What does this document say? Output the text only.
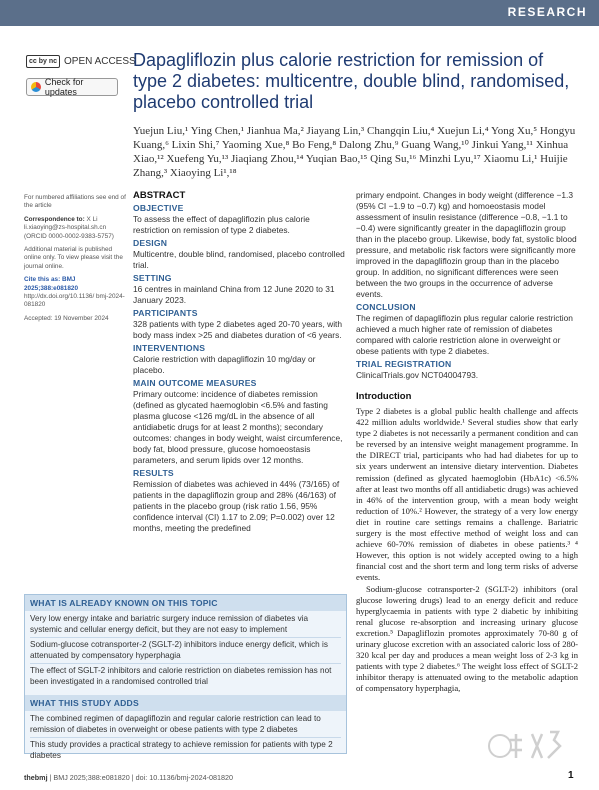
RESEARCH
cc by nc OPEN ACCESS
Check for updates
Dapagliflozin plus calorie restriction for remission of type 2 diabetes: multicentre, double blind, randomised, placebo controlled trial
Yuejun Liu,¹ Ying Chen,¹ Jianhua Ma,² Jiayang Lin,³ Changqin Liu,⁴ Xuejun Li,⁴ Yong Xu,⁵ Hongyu Kuang,⁶ Lixin Shi,⁷ Yaoming Xue,⁸ Bo Feng,⁸ Dalong Zhu,⁹ Guang Wang,¹⁰ Jinkui Yang,¹¹ Xinhua Xiao,¹² Xuefeng Yu,¹³ Jiaqiang Zhou,¹⁴ Yuqian Bao,¹⁵ Qing Su,¹⁶ Minzhi Lyu,¹⁷ Xiaomu Li,¹ Huijie Zhang,³ Xiaoying Li¹,¹⁸

For numbered affiliations see end of the article

Correspondence to: X Li li.xiaoying@zs-hospital.sh.cn (ORCID 0000-0002-9383-5757)

Additional material is published online only. To view please visit the journal online.

Cite this as: BMJ 2025;388:e081820
http://dx.doi.org/10.1136/ bmj-2024-081820

Accepted: 19 November 2024

ABSTRACT
OBJECTIVE

To assess the effect of dapagliflozin plus calorie restriction on remission of type 2 diabetes.

DESIGN

Multicentre, double blind, randomised, placebo controlled trial.

SETTING

16 centres in mainland China from 12 June 2020 to 31 January 2023.

PARTICIPANTS

328 patients with type 2 diabetes aged 20-70 years, with body mass index >25 and diabetes duration of <6 years.

INTERVENTIONS

Calorie restriction with dapagliflozin 10 mg/day or placebo.

MAIN OUTCOME MEASURES

Primary outcome: incidence of diabetes remission (defined as glycated haemoglobin <6.5% and fasting plasma glucose <126 mg/dL in the absence of all antidiabetic drugs for at least 2 months); secondary outcomes: changes in body weight, waist circumference, body fat, blood pressure, glucose homoeostasis parameters, and serum lipids over 12 months.

RESULTS

Remission of diabetes was achieved in 44% (73/165) of patients in the dapagliflozin group and 28% (46/163) of patients in the placebo group (risk ratio 1.56, 95% confidence interval (CI) 1.17 to 2.09; P=0.002) over 12 months, meeting the predefined

primary endpoint. Changes in body weight (difference −1.3 (95% CI −1.9 to −0.7) kg) and homoeostasis model assessment of insulin resistance (difference −0.8, −1.1 to −0.4) were significantly greater in the dapagliflozin group than in the placebo group. Likewise, body fat, systolic blood pressure, and metabolic risk factors were significantly more improved in the dapagliflozin group than in the placebo group. In addition, no significant differences were seen between the two groups in the occurrence of adverse events.

CONCLUSION

The regimen of dapagliflozin plus regular calorie restriction achieved a much higher rate of remission of diabetes compared with calorie restriction alone in overweight or obese patients with type 2 diabetes.

TRIAL REGISTRATION

ClinicalTrials.gov NCT04004793.

Introduction

Type 2 diabetes is a global public health challenge and affects 422 million adults worldwide.¹ Several studies show that early type 2 diabetes is not necessarily a permanent condition and can be reversed by an intensive weight management programme. In the DIRECT trial, participants who had had diabetes for up to six years underwent an intensive dietary intervention. Diabetes remission (defined as glycated haemoglobin (HbA1c) <6.5% after at least two months off all antidiabetic drugs) was achieved in 46% of the intervention group, with a mean body weight reduction of 10%.² However, the strategy of a very low energy diet in routine care settings remains a challenge. Bariatric surgery is the most effective method of weight loss and can achieve 60-70% remission of diabetes in obese patients.³ ⁴ However, this option is not widely accepted owing to a high financial cost and the short term and long term risks of adverse events.

Sodium-glucose cotransporter-2 (SGLT-2) inhibitors (oral glucose lowering drugs) lead to an energy deficit and reduce hyperglycaemia in patients with type 2 diabetic by inhibiting renal glucose re-absorption and increasing urinary glucose excretion.⁵ Dapagliflozin promotes approximately 70-80 g of urinary glucose excretion with an associated caloric loss of 280-320 kcal per day and produces a mean weight loss of 2-3 kg in patients with type 2 diabetes.⁶ The weight loss effect of SGLT-2 inhibitor therapy is attenuated owing to the metabolic adaption of compensatory hyperphagia,

WHAT IS ALREADY KNOWN ON THIS TOPIC

Very low energy intake and bariatric surgery induce remission of diabetes via systemic and cellular energy deficit, but they are not easy to implement

Sodium-glucose cotransporter-2 (SGLT-2) inhibitors induce energy deficit, which is attenuated by compensatory hyperphagia

The effect of SGLT-2 inhibitors and calorie restriction on diabetes remission has not been investigated in a randomised controlled trial

WHAT THIS STUDY ADDS

The combined regimen of dapagliflozin and regular calorie restriction can lead to remission of diabetes in overweight or obese patients with type 2 diabetes

This study provides a practical strategy to achieve remission for patients with type 2 diabetes

thebmj | BMJ 2025;388:e081820 | doi: 10.1136/bmj-2024-081820	1
